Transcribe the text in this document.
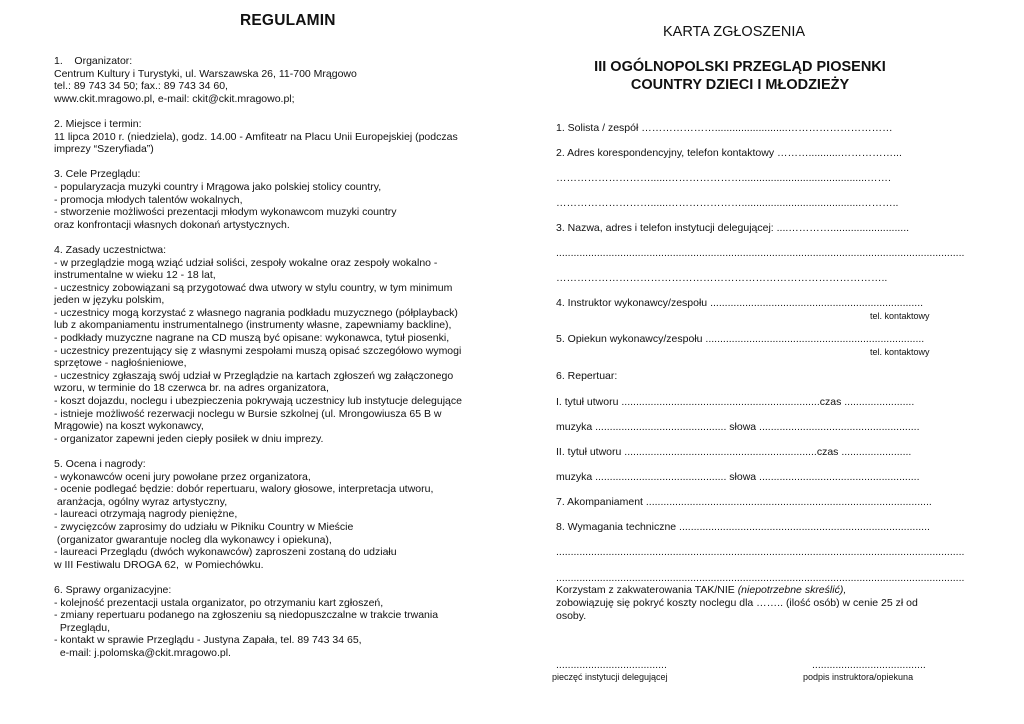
REGULAMIN
1.    Organizator:
Centrum Kultury i Turystyki, ul. Warszawska 26, 11-700 Mrągowo
tel.: 89 743 34 50; fax.: 89 743 34 60,
www.ckit.mragowo.pl, e-mail: ckit@ckit.mragowo.pl;
2. Miejsce i termin:
11 lipca 2010 r. (niedziela), godz. 14.00 - Amfiteatr na Placu Unii Europejskiej (podczas
imprezy “Szeryfiada”)
3. Cele Przeglądu:
- popularyzacja muzyki country i Mrągowa jako polskiej stolicy country,
- promocja młodych talentów wokalnych,
- stworzenie możliwości prezentacji młodym wykonawcom muzyki country
oraz konfrontacji własnych dokonań artystycznych.
4. Zasady uczestnictwa:
- w przeglądzie mogą wziąć udział soliści, zespoły wokalne oraz zespoły wokalno -
instrumentalne w wieku 12 - 18 lat,
- uczestnicy zobowiązani są przygotować dwa utwory w stylu country, w tym minimum
jeden w języku polskim,
- uczestnicy mogą korzystać z własnego nagrania podkładu muzycznego (półplayback)
lub z akompaniamentu instrumentalnego (instrumenty własne, zapewniamy backline),
- podkłady muzyczne nagrane na CD muszą być opisane: wykonawca, tytuł piosenki,
- uczestnicy prezentujący się z własnymi zespołami muszą opisać szczegółowo wymogi
sprzętowe - nagłośnieniowe,
- uczestnicy zgłaszają swój udział w Przeglądzie na kartach zgłoszeń wg załączonego
wzoru, w terminie do 18 czerwca br. na adres organizatora,
- koszt dojazdu, noclegu i ubezpieczenia pokrywają uczestnicy lub instytucje delegujące
- istnieje możliwość rezerwacji noclegu w Bursie szkolnej (ul. Mrongowiusza 65 B w
Mrągowie) na koszt wykonawcy,
- organizator zapewni jeden ciepły posiłek w dniu imprezy.
5. Ocena i nagrody:
- wykonawców oceni jury powołane przez organizatora,
- ocenie podlegać będzie: dobór repertuaru, walory głosowe, interpretacja utworu,
aranżacja, ogólny wyraz artystyczny,
- laureaci otrzymają nagrody pieniężne,
- zwycięzców zaprosimy do udziału w Pikniku Country w Mieście
(organizator gwarantuje nocleg dla wykonawcy i opiekuna),
- laureaci Przeglądu (dwóch wykonawców) zaproszeni zostaną do udziału
w III Festiwalu DROGA 62,  w Pomiechówku.
6. Sprawy organizacyjne:
- kolejność prezentacji ustala organizator, po otrzymaniu kart zgłoszeń,
- zmiany repertuaru podanego na zgłoszeniu są niedopuszczalne w trakcie trwania
Przeglądu,
- kontakt w sprawie Przeglądu - Justyna Zapała, tel. 89 743 34 65,
e-mail: j.polomska@ckit.mragowo.pl.
KARTA ZGŁOSZENIA
III OGÓLNOPOLSKI PRZEGLĄD PIOSENKI
COUNTRY DZIECI I MŁODZIEŻY
1. Solista / zespół ………………….........................…………………………
2. Adres korespondencyjny, telefon kontaktowy ………...........……………...
………………………......…………………...........................................…….
………………………......………………….........................................………..
3. Nazwa, adres i telefon instytucji delegującej: ....…………...........................
............................................................................................................................................
…………………………………………………………………………………..
4. Instruktor wykonawcy/zespołu .........................................................................
tel. kontaktowy
5. Opiekun wykonawcy/zespołu ...........................................................................
tel. kontaktowy
6. Repertuar:
I. tytuł utworu ....................................................................czas ........................
muzyka ............................................. słowa .......................................................
II. tytuł utworu ..................................................................czas ........................
muzyka ............................................. słowa .......................................................
7. Akompaniament ..................................................................................................
8. Wymagania techniczne ......................................................................................
............................................................................................................................................
............................................................................................................................................
Korzystam z zakwaterowania TAK/NIE (niepotrzebne skreślić),
zobowiązuję się pokryć koszty noclegu dla …….. (ilość osób) w cenie 25 zł od
osoby.
......................................	.......................................
pieczęć instytucji delegującej	podpis instruktora/opiekuna
